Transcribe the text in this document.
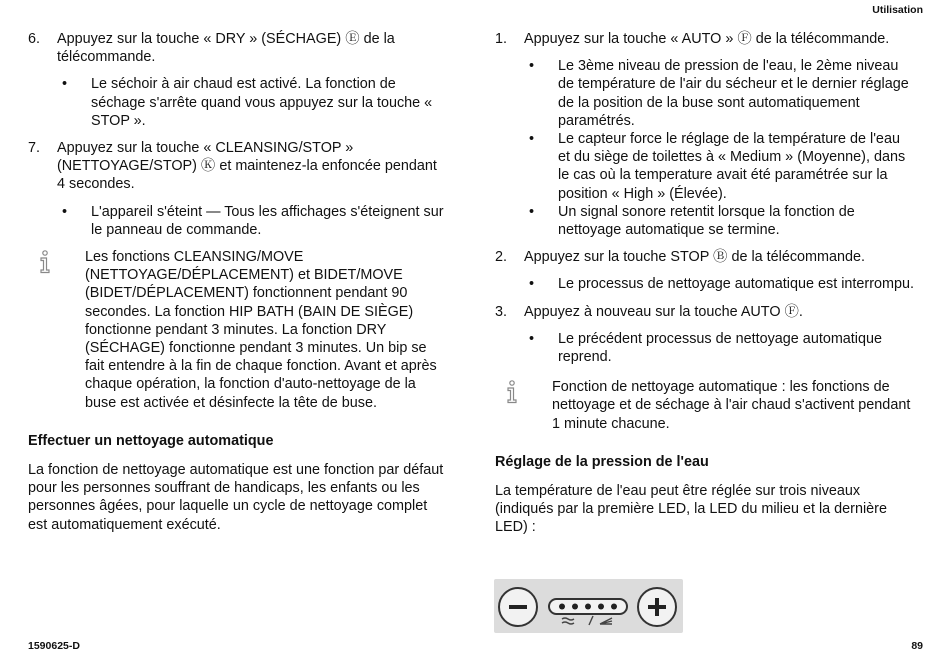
Utilisation
6.	Appuyez sur la touche « DRY » (SÉCHAGE) Ⓔ de la télécommande.
• Le séchoir à air chaud est activé. La fonction de séchage s'arrête quand vous appuyez sur la touche « STOP ».
7.	Appuyez sur la touche « CLEANSING/STOP » (NETTOYAGE/STOP) Ⓚ et maintenez-la enfoncée pendant 4 secondes.
• L'appareil s'éteint — Tous les affichages s'éteignent sur le panneau de commande.
Les fonctions CLEANSING/MOVE (NETTOYAGE/DÉPLACEMENT) et BIDET/MOVE (BIDET/DÉPLACEMENT) fonctionnent pendant 90 secondes. La fonction HIP BATH (BAIN DE SIÈGE) fonctionne pendant 3 minutes. La fonction DRY (SÉCHAGE) fonctionne pendant 3 minutes. Un bip se fait entendre à la fin de chaque fonction. Avant et après chaque opération, la fonction d'auto-nettoyage de la buse est activée et désinfecte la tête de buse.
Effectuer un nettoyage automatique

La fonction de nettoyage automatique est une fonction par défaut pour les personnes souffrant de handicaps, les enfants ou les personnes âgées, pour laquelle un cycle de nettoyage complet est automatiquement exécuté.

1.	Appuyez sur la touche « AUTO » Ⓕ de la télécommande.
• Le 3ème niveau de pression de l'eau, le 2ème niveau de température de l'air du sécheur et le dernier réglage de la position de la buse sont automatiquement paramétrés.
• Le capteur force le réglage de la température de l'eau et du siège de toilettes à « Medium » (Moyenne), dans le cas où la temperature avait été paramétrée sur la position « High » (Élevée).
• Un signal sonore retentit lorsque la fonction de nettoyage automatique se termine.
2.	Appuyez sur la touche STOP Ⓑ de la télécommande.
• Le processus de nettoyage automatique est interrompu.
3.	Appuyez à nouveau sur la touche AUTO Ⓕ.
• Le précédent processus de nettoyage automatique reprend.
Fonction de nettoyage automatique : les fonctions de nettoyage et de séchage à l'air chaud s'activent pendant 1 minute chacune.
Réglage de la pression de l'eau

La température de l'eau peut être réglée sur trois niveaux (indiqués par la première LED, la LED du milieu et la dernière LED) :

1590625-D	89
